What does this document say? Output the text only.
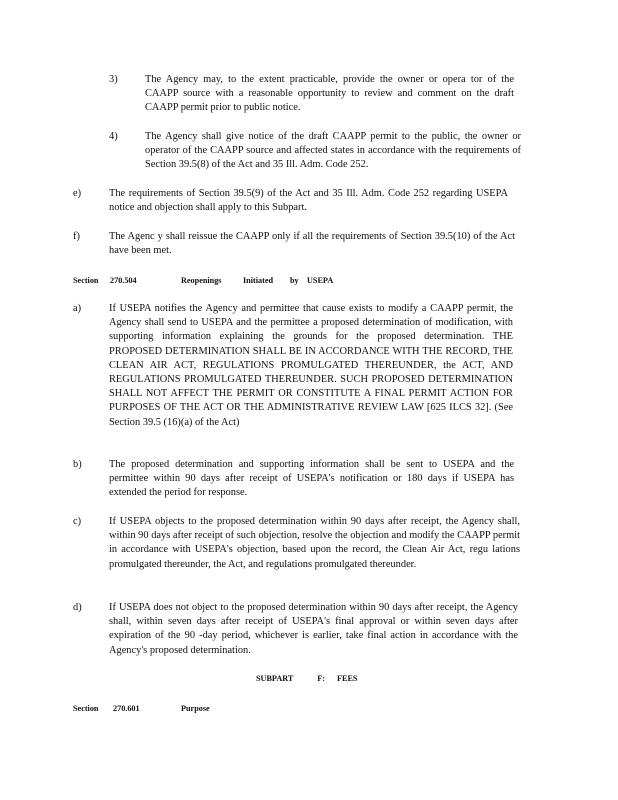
3)	The Agency may, to the extent practicable, provide the owner or opera tor of the CAAPP source with a reasonable opportunity to review and comment on the draft CAAPP permit prior to public notice.
4)	The Agency shall give notice of the draft CAAPP permit to the public, the owner or operator of the CAAPP source and affected states in accordance with the requirements of Section 39.5(8) of the Act and 35 Ill. Adm. Code 252.
e)	The requirements of Section 39.5(9) of the Act and 35 Ill. Adm. Code 252 regarding USEPA notice and objection shall apply to this Subpart.
f)	The Agenc y shall reissue the CAAPP only if all the requirements of Section 39.5(10) of the Act have been met.
Section 270.504	Reopenings	Initiated by USEPA
a)	If USEPA notifies the Agency and permittee that cause exists to modify a CAAPP permit, the Agency shall send to USEPA and the permittee a proposed determination of modification, with supporting information explaining the grounds for the proposed determination. THE PROPOSED DETERMINATION SHALL BE IN ACCORDANCE WITH THE RECORD, THE CLEAN AIR ACT, REGULATIONS PROMULGATED THEREUNDER, the ACT, AND REGULATIONS PROMULGATED THEREUNDER. SUCH PROPOSED DETERMINATION SHALL NOT AFFECT THE PERMIT OR CONSTITUTE A FINAL PERMIT ACTION FOR PURPOSES OF THE ACT OR THE ADMINISTRATIVE REVIEW LAW [625 ILCS 32]. (See Section 39.5 (16)(a) of the Act)
b)	The proposed determination and supporting information shall be sent to USEPA and the permittee within 90 days after receipt of USEPA's notification or 180 days if USEPA has extended the period for response.
c)	If USEPA objects to the proposed determination within 90 days after receipt, the Agency shall, within 90 days after receipt of such objection, resolve the objection and modify the CAAPP permit in accordance with USEPA's objection, based upon the record, the Clean Air Act, regu lations promulgated thereunder, the Act, and regulations promulgated thereunder.
d)	If USEPA does not object to the proposed determination within 90 days after receipt, the Agency shall, within seven days after receipt of USEPA's final approval or within seven days after expiration of the 90 -day period, whichever is earlier, take final action in accordance with the Agency's proposed determination.
SUBPART	F: FEES
Section 270.601	Purpose
